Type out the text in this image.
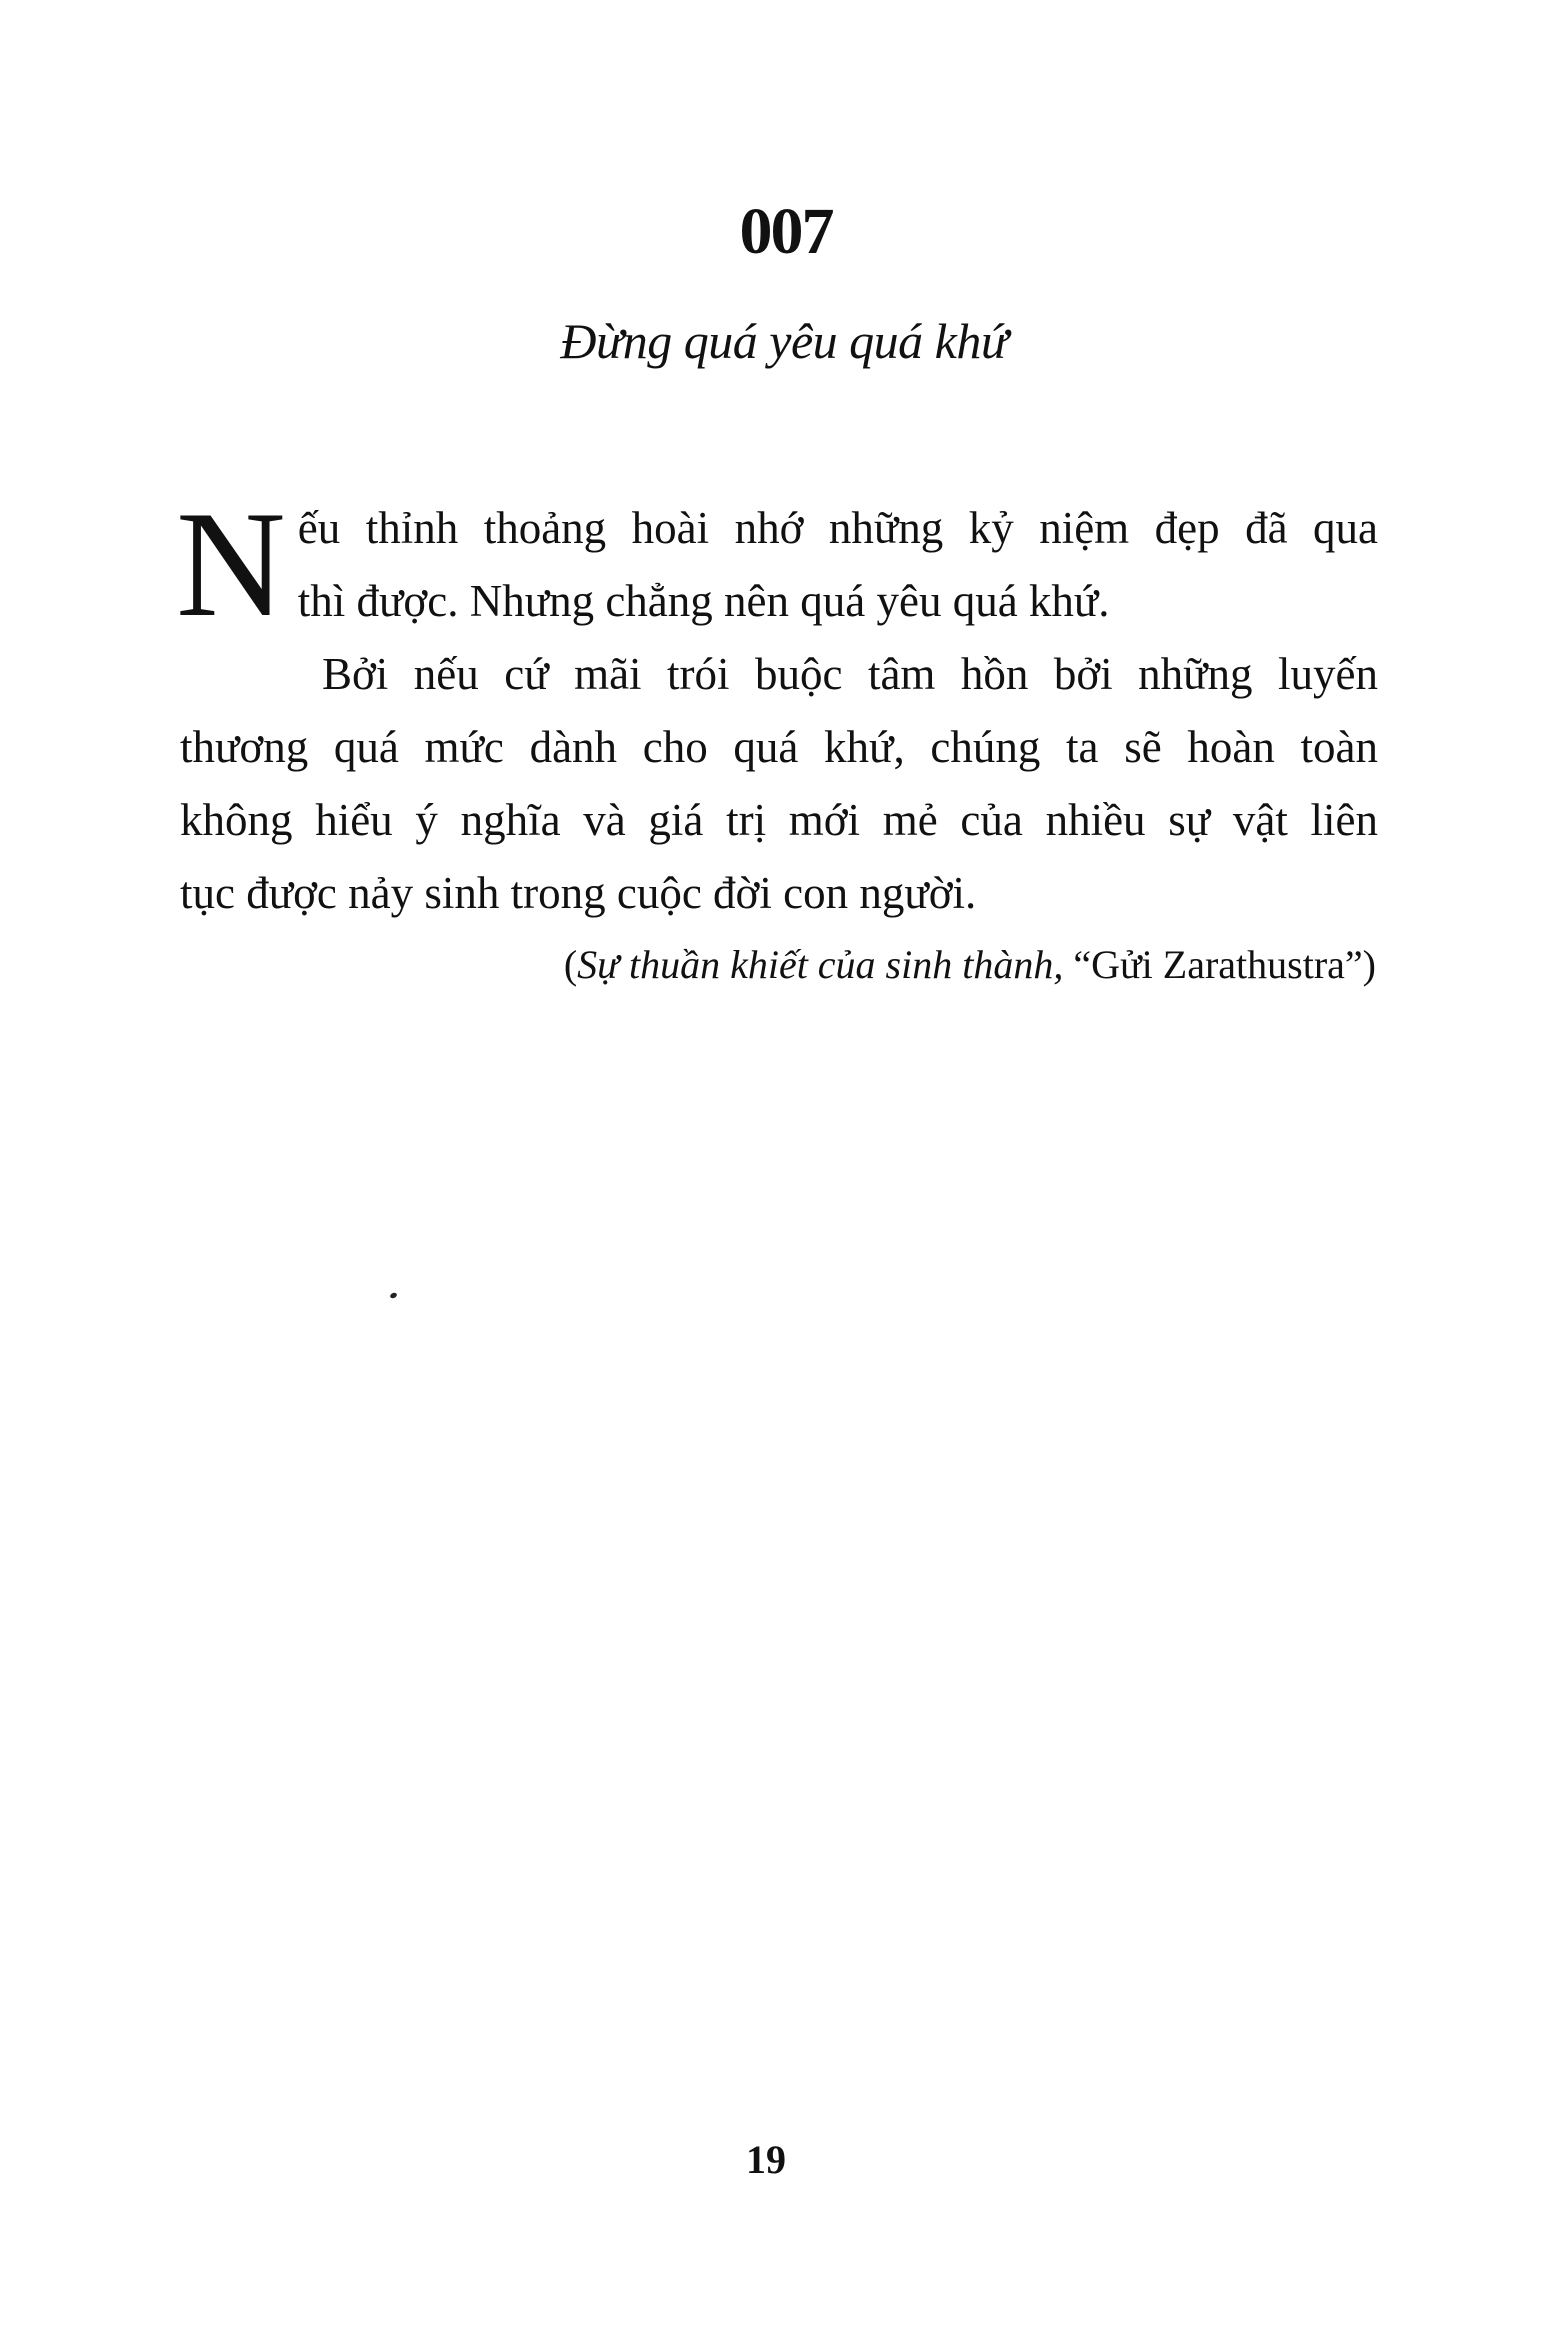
007
Đừng quá yêu quá khứ
N ếu thỉnh thoảng hoài nhớ những kỷ niệm đẹp đã qua
thì được. Nhưng chẳng nên quá yêu quá khứ.
Bởi nếu cứ mãi trói buộc tâm hồn bởi những luyến
thương quá mức dành cho quá khứ, chúng ta sẽ hoàn toàn
không hiểu ý nghĩa và giá trị mới mẻ của nhiều sự vật liên
tục được nảy sinh trong cuộc đời con người.
(Sự thuần khiết của sinh thành, “Gửi Zarathustra”)
19
